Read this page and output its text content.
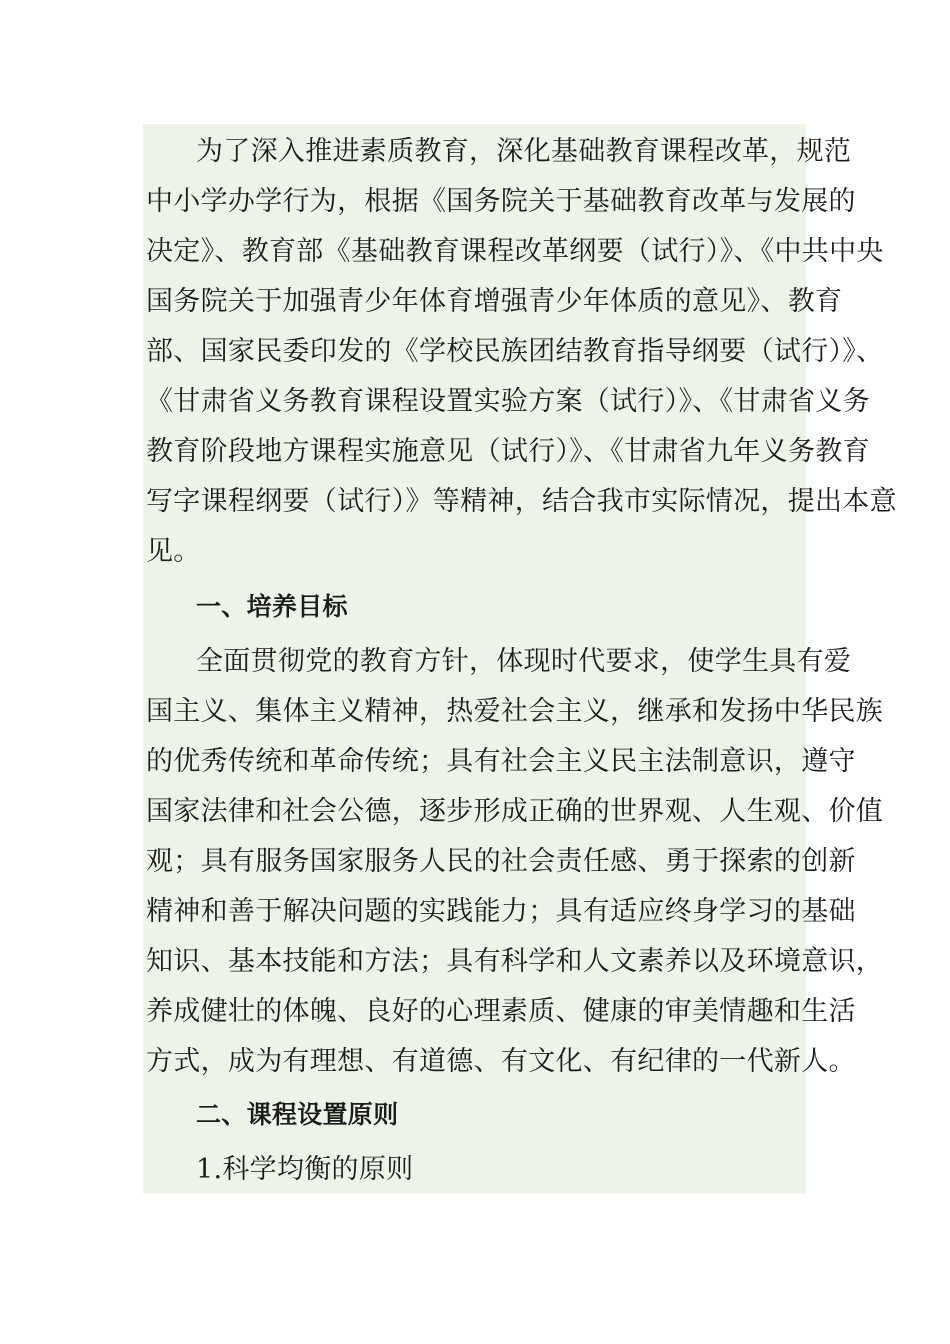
为了深入推进素质教育，深化基础教育课程改革，规范
中小学办学行为，根据《国务院关于基础教育改革与发展的
决定》、教育部《基础教育课程改革纲要（试行）》、《中共中央
国务院关于加强青少年体育增强青少年体质的意见》、教育
部、国家民委印发的《学校民族团结教育指导纲要（试行）》、
《甘肃省义务教育课程设置实验方案（试行）》、《甘肃省义务
教育阶段地方课程实施意见（试行）》、《甘肃省九年义务教育
写字课程纲要（试行）》等精神，结合我市实际情况，提出本意
见。
一、培养目标
全面贯彻党的教育方针，体现时代要求，使学生具有爱
国主义、集体主义精神，热爱社会主义，继承和发扬中华民族
的优秀传统和革命传统；具有社会主义民主法制意识，遵守
国家法律和社会公德，逐步形成正确的世界观、人生观、价值
观；具有服务国家服务人民的社会责任感、勇于探索的创新
精神和善于解决问题的实践能力；具有适应终身学习的基础
知识、基本技能和方法；具有科学和人文素养以及环境意识，
养成健壮的体魄、良好的心理素质、健康的审美情趣和生活
方式，成为有理想、有道德、有文化、有纪律的一代新人。
二、课程设置原则
1.科学均衡的原则
